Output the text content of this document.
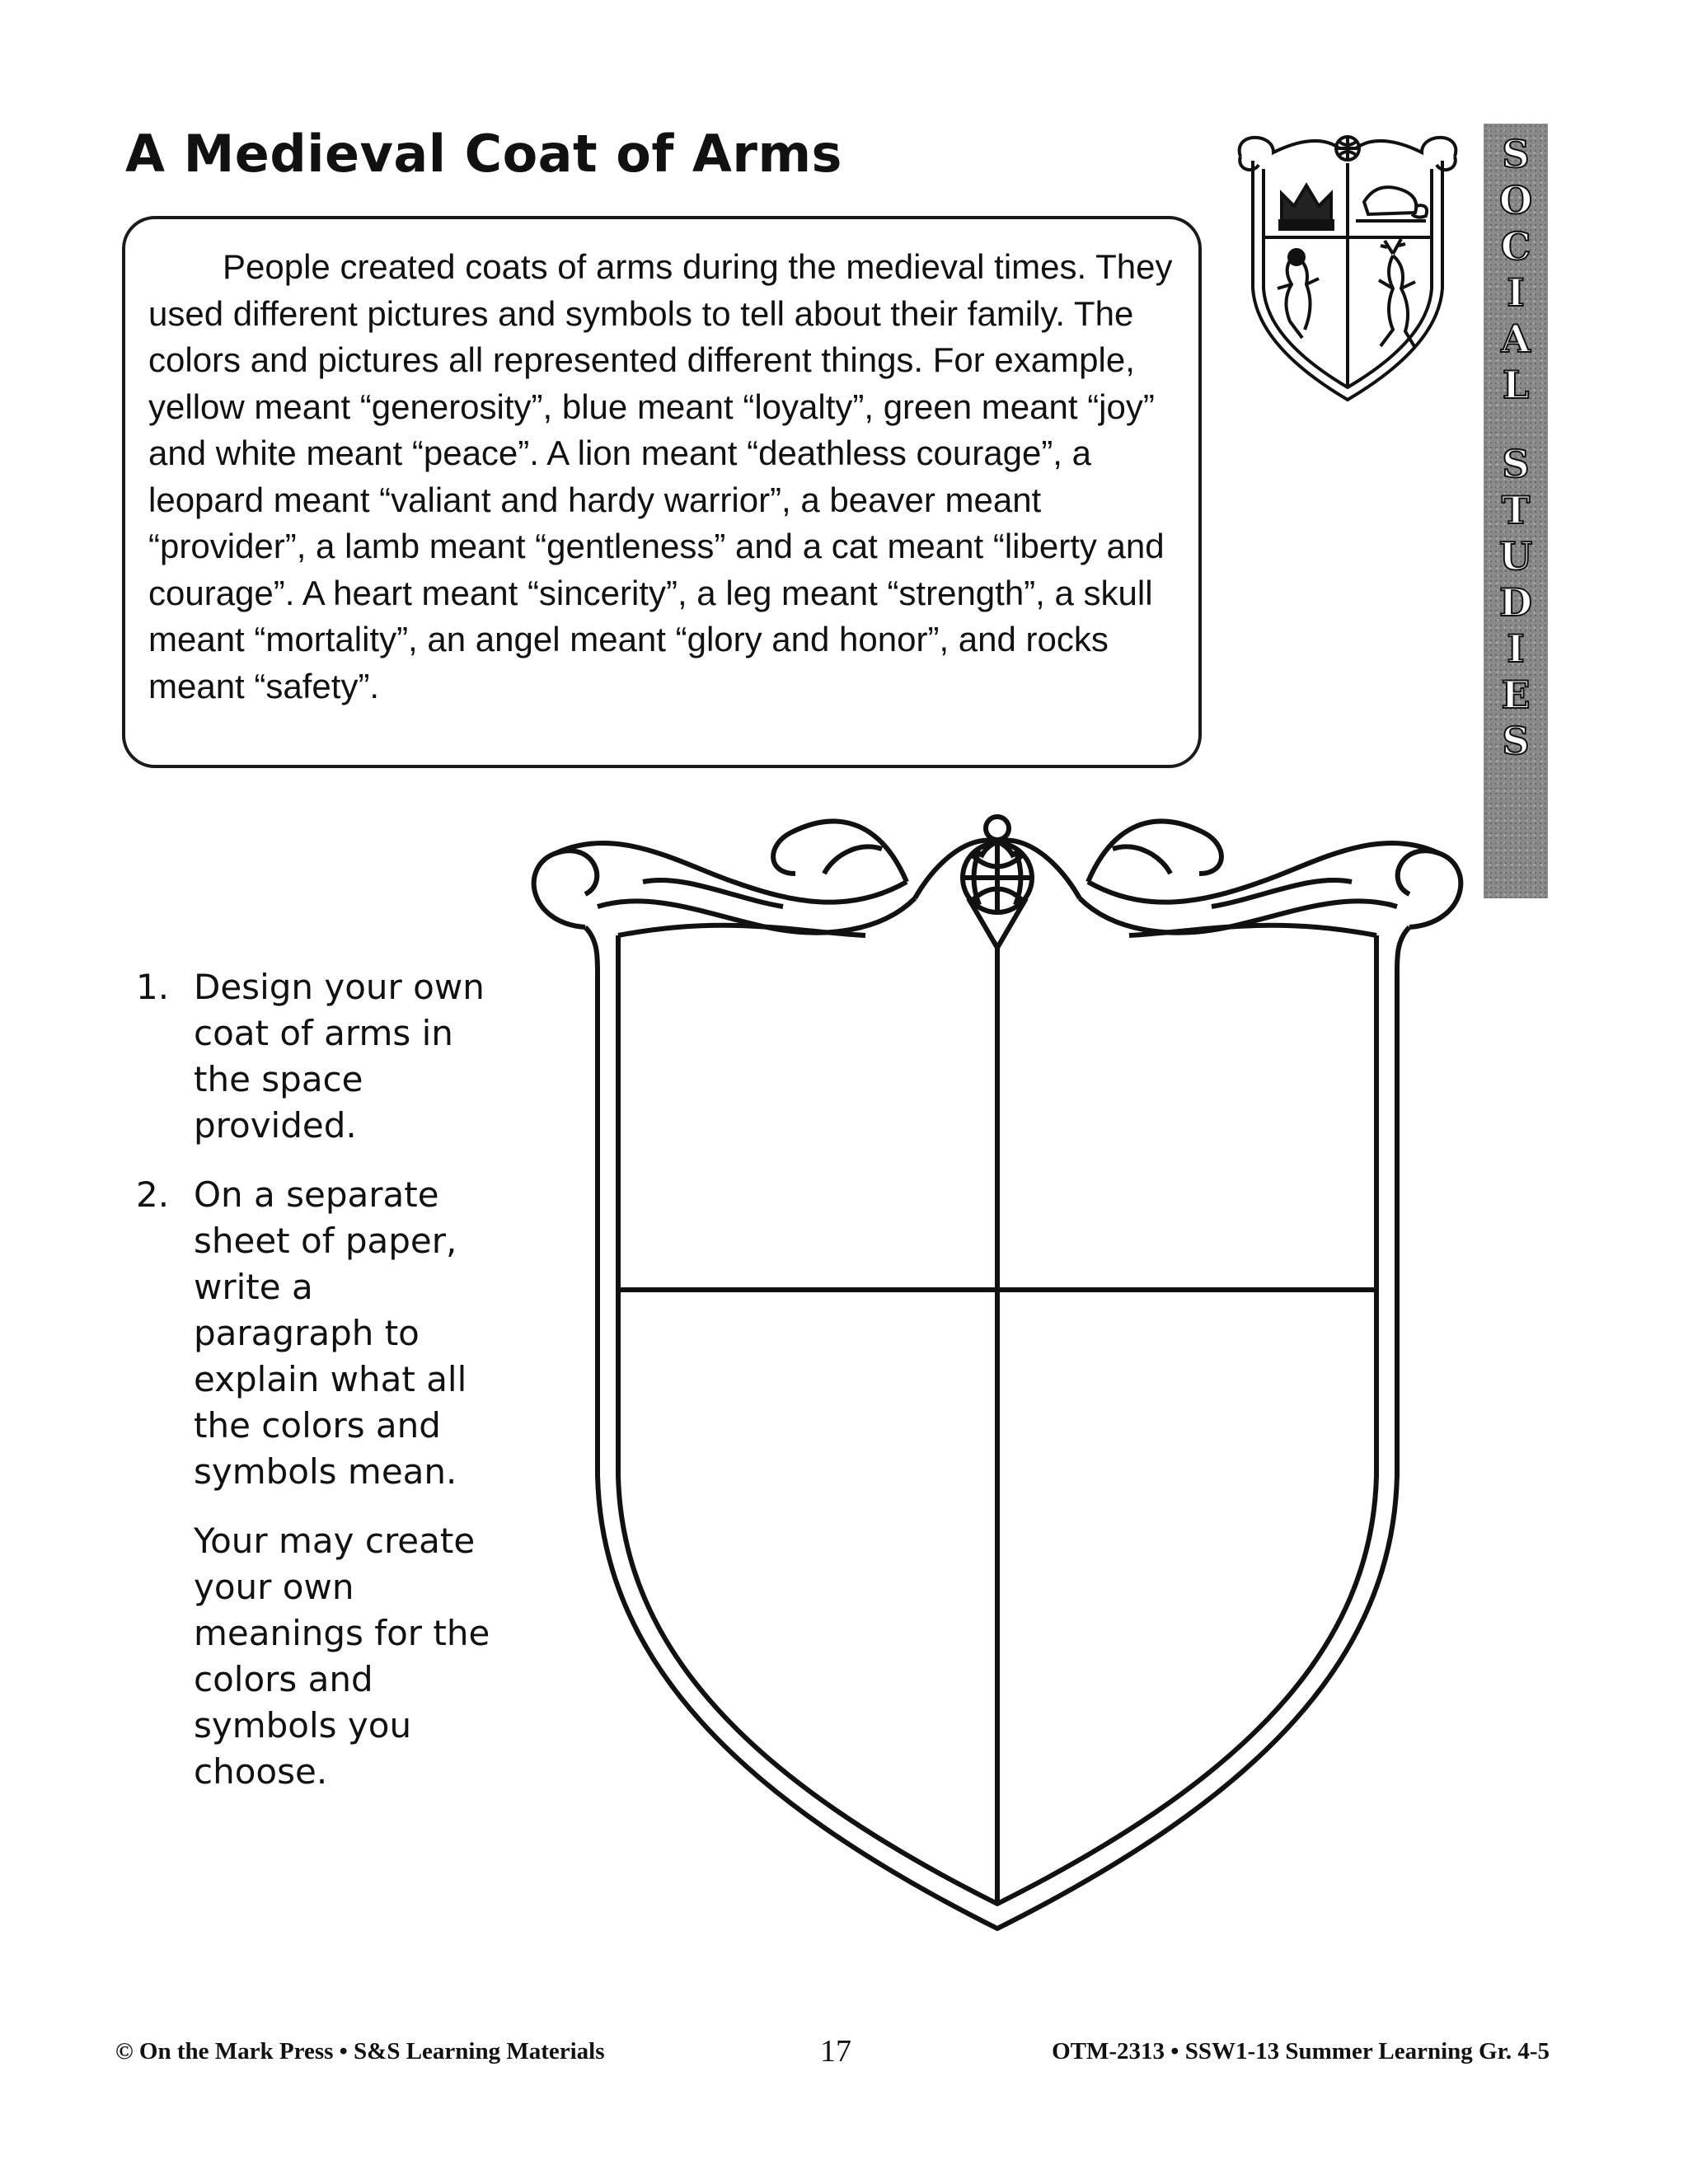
A Medieval Coat of Arms

People created coats of arms during the medieval times. They used different pictures and symbols to tell about their family. The colors and pictures all represented different things. For example, yellow meant “generosity”, blue meant “loyalty”, green meant “joy” and white meant “peace”. A lion meant “deathless courage”, a leopard meant “valiant and hardy warrior”, a beaver meant “provider”, a lamb meant “gentleness” and a cat meant “liberty and courage”. A heart meant “sincerity”, a leg meant “strength”, a skull meant “mortality”, an angel meant “glory and honor”, and rocks meant “safety”.

S
O
C
I
A
L
S
T
U
D
I
E
S
1. Design your own coat of arms in the space provided.
2. On a separate sheet of paper, write a paragraph to explain what all the colors and symbols mean.
Your may create your own meanings for the colors and symbols you choose.
© On the Mark Press • S&S Learning Materials	17	OTM-2313 • SSW1-13 Summer Learning Gr. 4-5
